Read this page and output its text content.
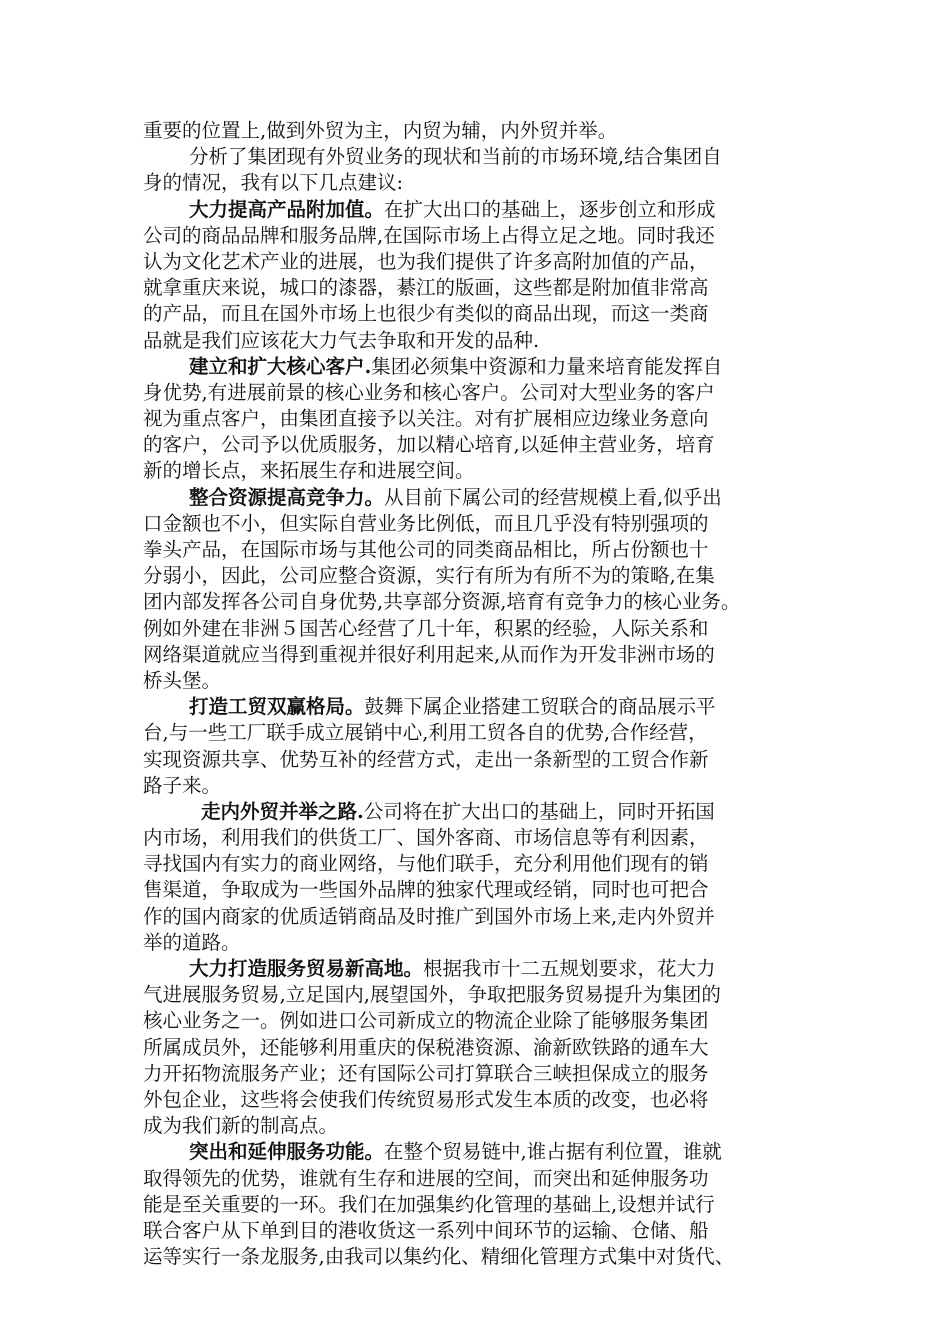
重要的位置上,做到外贸为主，内贸为辅，内外贸并举。
分析了集团现有外贸业务的现状和当前的市场环境,结合集团自
身的情况，我有以下几点建议:
大力提高产品附加值。在扩大出口的基础上，逐步创立和形成
公司的商品品牌和服务品牌,在国际市场上占得立足之地。同时我还
认为文化艺术产业的进展，也为我们提供了许多高附加值的产品，
就拿重庆来说，城口的漆器，綦江的版画，这些都是附加值非常高
的产品，而且在国外市场上也很少有类似的商品出现，而这一类商
品就是我们应该花大力气去争取和开发的品种.
建立和扩大核心客户.集团必须集中资源和力量来培育能发挥自
身优势,有进展前景的核心业务和核心客户。公司对大型业务的客户
视为重点客户，由集团直接予以关注。对有扩展相应边缘业务意向
的客户，公司予以优质服务，加以精心培育,以延伸主营业务，培育
新的增长点，来拓展生存和进展空间。
整合资源提高竞争力。从目前下属公司的经营规模上看,似乎出
口金额也不小，但实际自营业务比例低，而且几乎没有特别强项的
拳头产品，在国际市场与其他公司的同类商品相比，所占份额也十
分弱小，因此，公司应整合资源，实行有所为有所不为的策略,在集
团内部发挥各公司自身优势,共享部分资源,培育有竞争力的核心业务。
例如外建在非洲５国苦心经营了几十年，积累的经验，人际关系和
网络渠道就应当得到重视并很好利用起来,从而作为开发非洲市场的
桥头堡。
打造工贸双赢格局。鼓舞下属企业搭建工贸联合的商品展示平
台,与一些工厂联手成立展销中心,利用工贸各自的优势,合作经营，
实现资源共享、优势互补的经营方式，走出一条新型的工贸合作新
路子来。
走内外贸并举之路.公司将在扩大出口的基础上，同时开拓国
内市场，利用我们的供货工厂、国外客商、市场信息等有利因素，
寻找国内有实力的商业网络，与他们联手，充分利用他们现有的销
售渠道，争取成为一些国外品牌的独家代理或经销，同时也可把合
作的国内商家的优质适销商品及时推广到国外市场上来,走内外贸并
举的道路。
大力打造服务贸易新高地。根据我市十二五规划要求，花大力
气进展服务贸易,立足国内,展望国外，争取把服务贸易提升为集团的
核心业务之一。例如进口公司新成立的物流企业除了能够服务集团
所属成员外，还能够利用重庆的保税港资源、渝新欧铁路的通车大
力开拓物流服务产业；还有国际公司打算联合三峡担保成立的服务
外包企业，这些将会使我们传统贸易形式发生本质的改变，也必将
成为我们新的制高点。
突出和延伸服务功能。在整个贸易链中,谁占据有利位置，谁就
取得领先的优势，谁就有生存和进展的空间，而突出和延伸服务功
能是至关重要的一环。我们在加强集约化管理的基础上,设想并试行
联合客户从下单到目的港收货这一系列中间环节的运输、仓储、船
运等实行一条龙服务,由我司以集约化、精细化管理方式集中对货代、
